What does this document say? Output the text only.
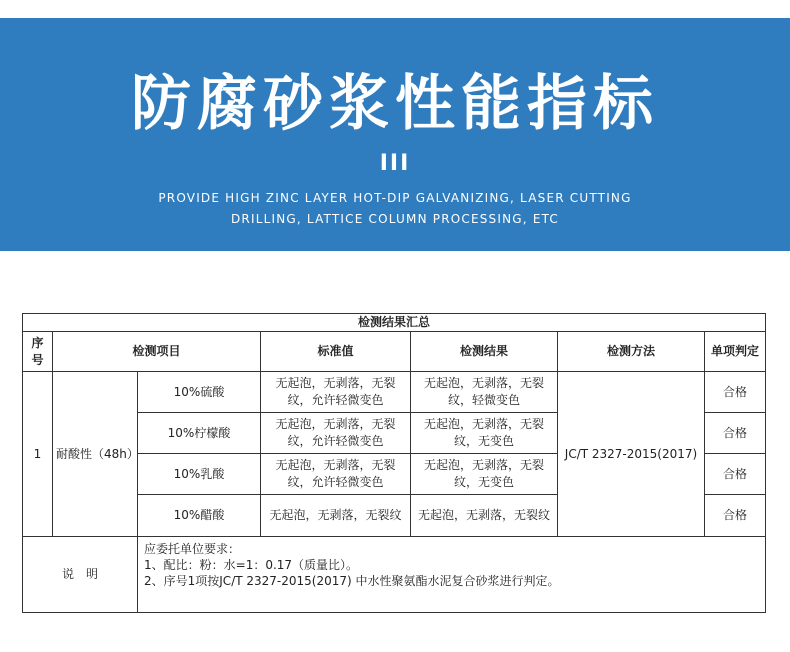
防腐砂浆性能指标
III
PROVIDE HIGH ZINC LAYER HOT-DIP GALVANIZING, LASER CUTTING
DRILLING, LATTICE COLUMN PROCESSING, ETC
检测结果汇总						
序号	检测项目		标准值	检测结果	检测方法	单项判定
1	耐酸性（48h）	10%硫酸	无起泡，无剥落，无裂纹，允许轻微变色	无起泡，无剥落，无裂纹，轻微变色	JC/T 2327-2015(2017)	合格
		10%柠檬酸	无起泡，无剥落，无裂纹，允许轻微变色	无起泡，无剥落，无裂纹，无变色		合格
		10%乳酸	无起泡，无剥落，无裂纹，允许轻微变色	无起泡，无剥落，无裂纹，无变色		合格
		10%醋酸	无起泡，无剥落，无裂纹	无起泡，无剥落，无裂纹		合格
说　明		应委托单位要求：
1、配比：粉：水=1：0.17（质量比）。
2、序号1项按JC/T 2327-2015(2017) 中水性聚氨酯水泥复合砂浆进行判定。				
